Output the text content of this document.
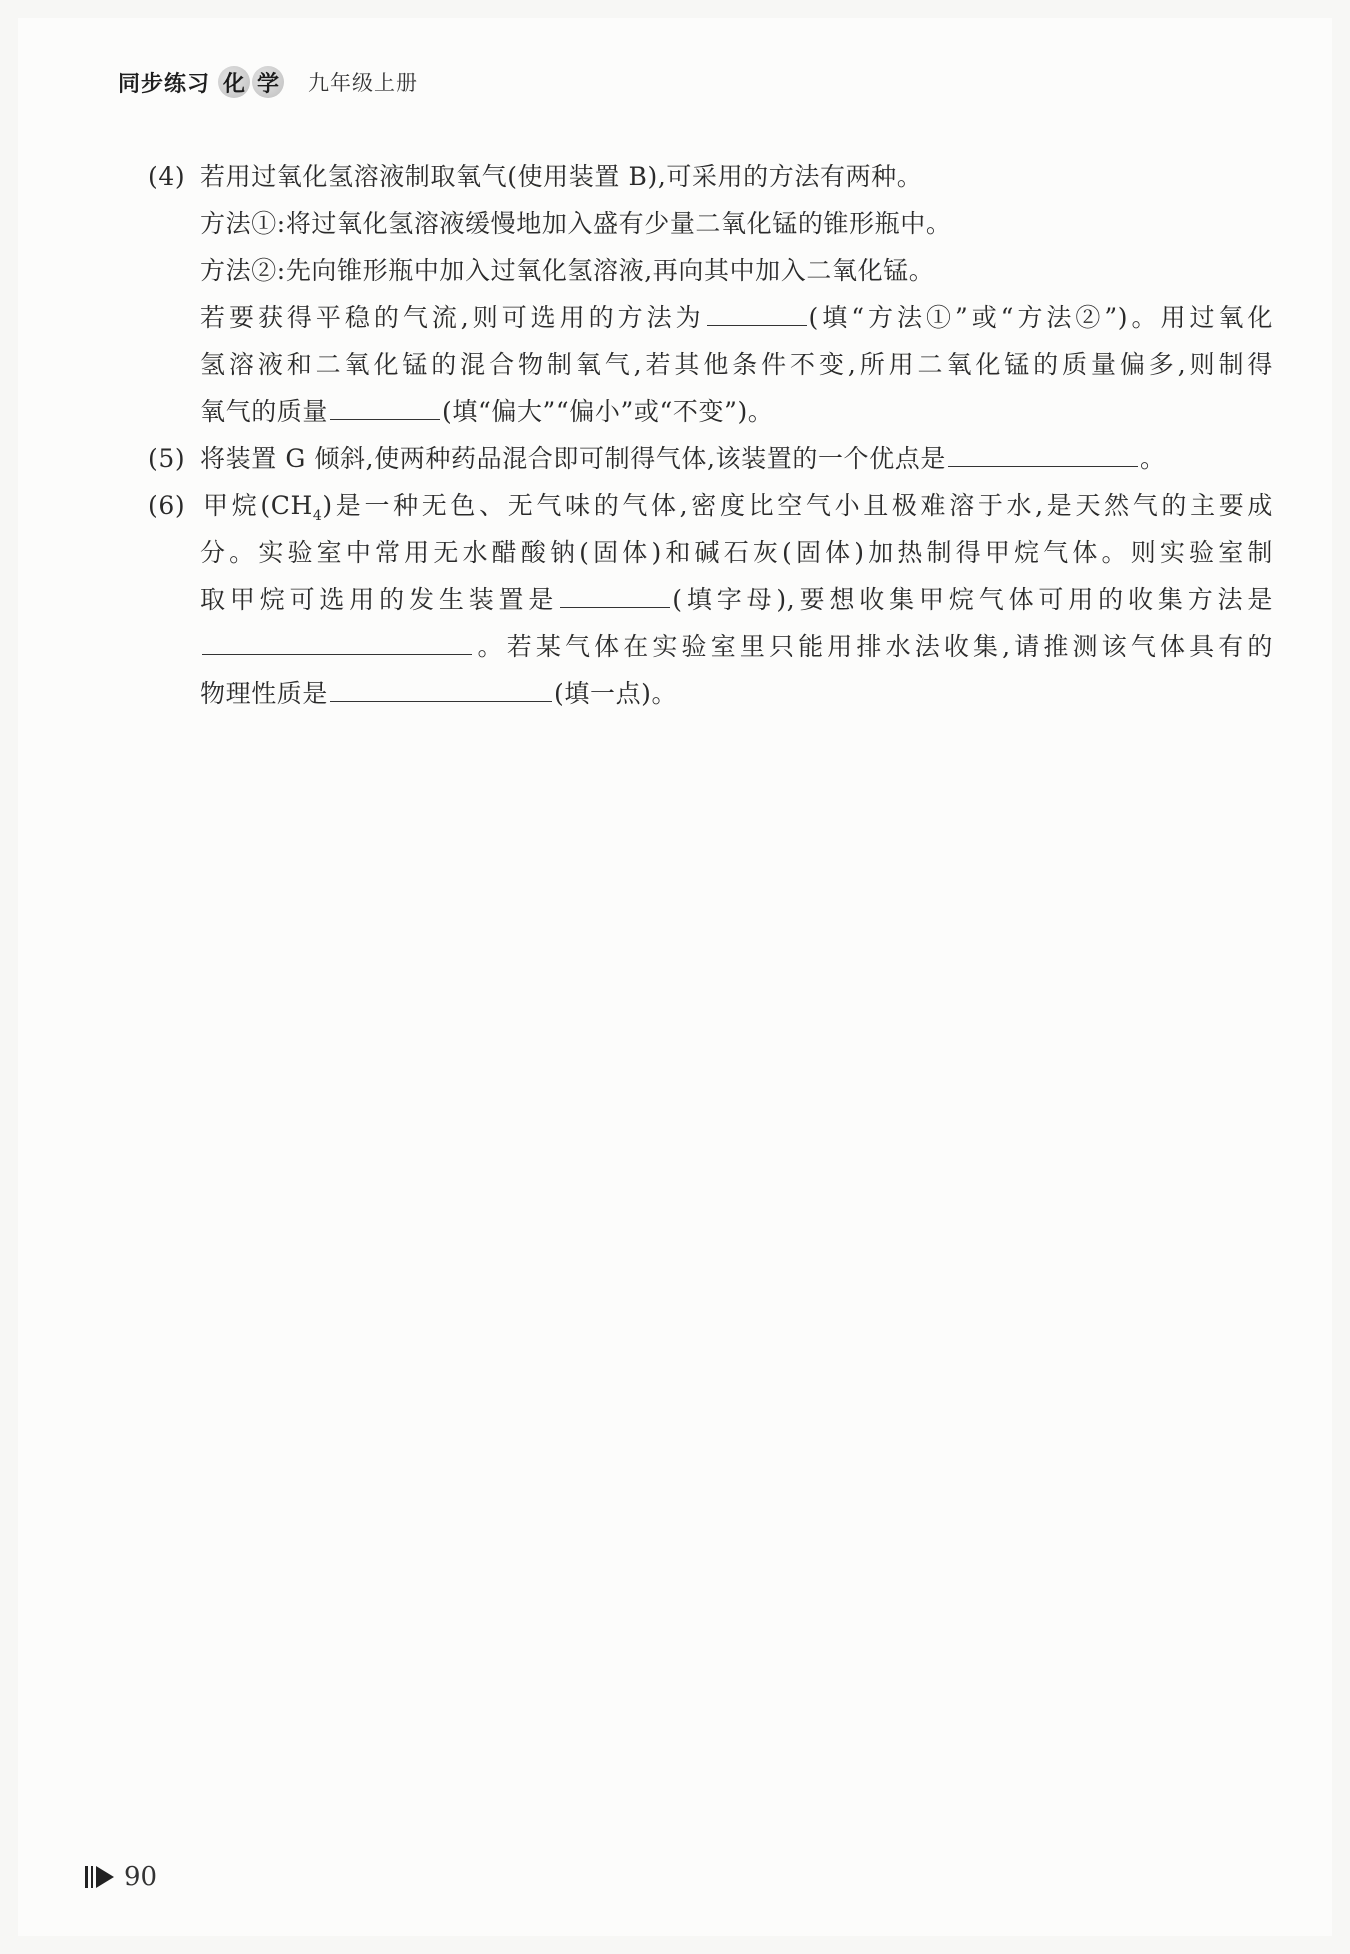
同步练习 化 学 九年级上册
(4) 若用过氧化氢溶液制取氧气(使用装置 B),可采用的方法有两种。
方法①:将过氧化氢溶液缓慢地加入盛有少量二氧化锰的锥形瓶中。
方法②:先向锥形瓶中加入过氧化氢溶液,再向其中加入二氧化锰。
若要获得平稳的气流,则可选用的方法为	(填“方法①”或“方法②”)。用过氧化
氢溶液和二氧化锰的混合物制氧气,若其他条件不变,所用二氧化锰的质量偏多,则制得
氧气的质量	(填“偏大”“偏小”或“不变”)。
(5) 将装置 G 倾斜,使两种药品混合即可制得气体,该装置的一个优点是	。
(6) 甲烷$(CH_4)$是一种无色、无气味的气体,密度比空气小且极难溶于水,是天然气的主要成
分。实验室中常用无水醋酸钠(固体)和碱石灰(固体)加热制得甲烷气体。则实验室制
取甲烷可选用的发生装置是	(填字母),要想收集甲烷气体可用的收集方法是
。若某气体在实验室里只能用排水法收集,请推测该气体具有的
物理性质是	(填一点)。
90
